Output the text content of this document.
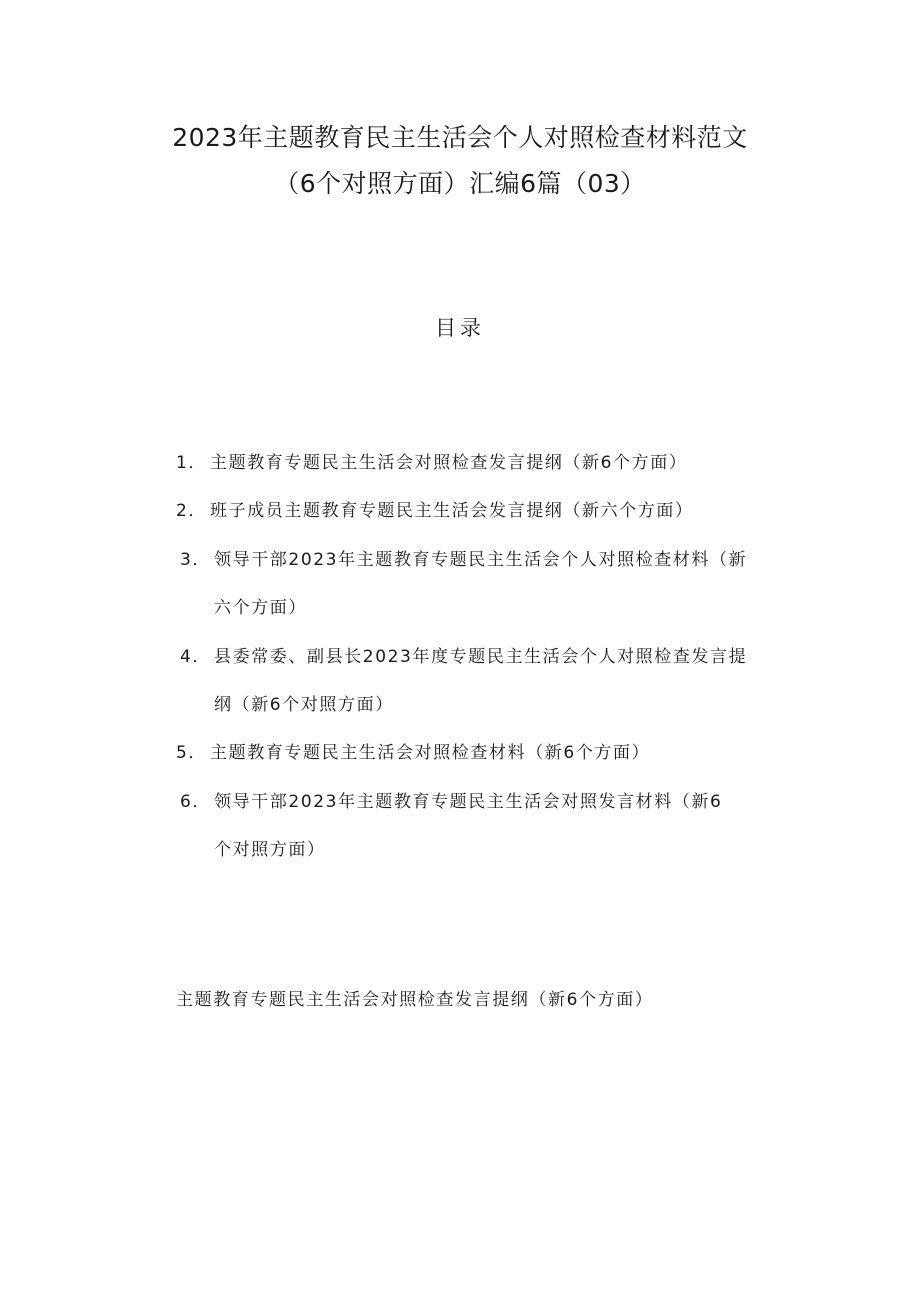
2023年主题教育民主生活会个人对照检查材料范文
（6个对照方面）汇编6篇（03）
目录
1． 主题教育专题民主生活会对照检查发言提纲（新6个方面）
2． 班子成员主题教育专题民主生活会发言提纲（新六个方面）
3． 领导干部2023年主题教育专题民主生活会个人对照检查材料（新
六个方面）
4． 县委常委、副县长2023年度专题民主生活会个人对照检查发言提
纲（新6个对照方面）
5． 主题教育专题民主生活会对照检查材料（新6个方面）
6． 领导干部2023年主题教育专题民主生活会对照发言材料（新6
个对照方面）
主题教育专题民主生活会对照检查发言提纲（新6个方面）
